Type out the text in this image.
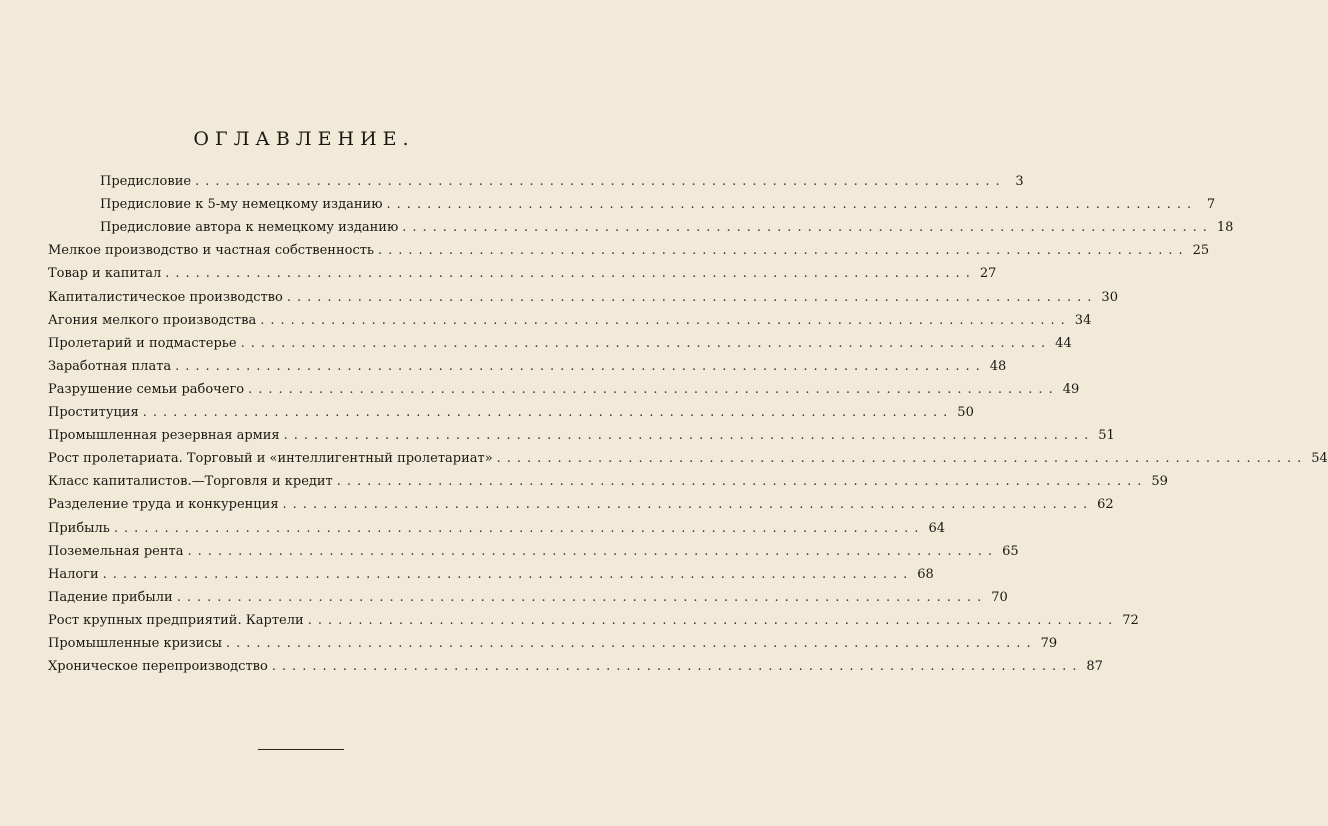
ОГЛАВЛЕНИЕ.
Предисловие ................................................................................ 3
Предисловие к 5-му немецкому изданию ................................................................................ 7
Предисловие автора к немецкому изданию ................................................................................ 18
Мелкое производство и частная собственность ................................................................................ 25
Товар и капитал ................................................................................ 27
Капиталистическое производство ................................................................................ 30
Агония мелкого производства ................................................................................ 34
Пролетарий и подмастерье ................................................................................ 44
Заработная плата ................................................................................ 48
Разрушение семьи рабочего ................................................................................ 49
Проституция ................................................................................ 50
Промышленная резервная армия ................................................................................ 51
Рост пролетариата. Торговый и «интеллигентный пролетариат» ................................................................................ 54
Класс капиталистов.—Торговля и кредит ................................................................................ 59
Разделение труда и конкуренция ................................................................................ 62
Прибыль ................................................................................ 64
Поземельная рента ................................................................................ 65
Налоги ................................................................................ 68
Падение прибыли ................................................................................ 70
Рост крупных предприятий. Картели ................................................................................ 72
Промышленные кризисы ................................................................................ 79
Хроническое перепроизводство ................................................................................ 87
